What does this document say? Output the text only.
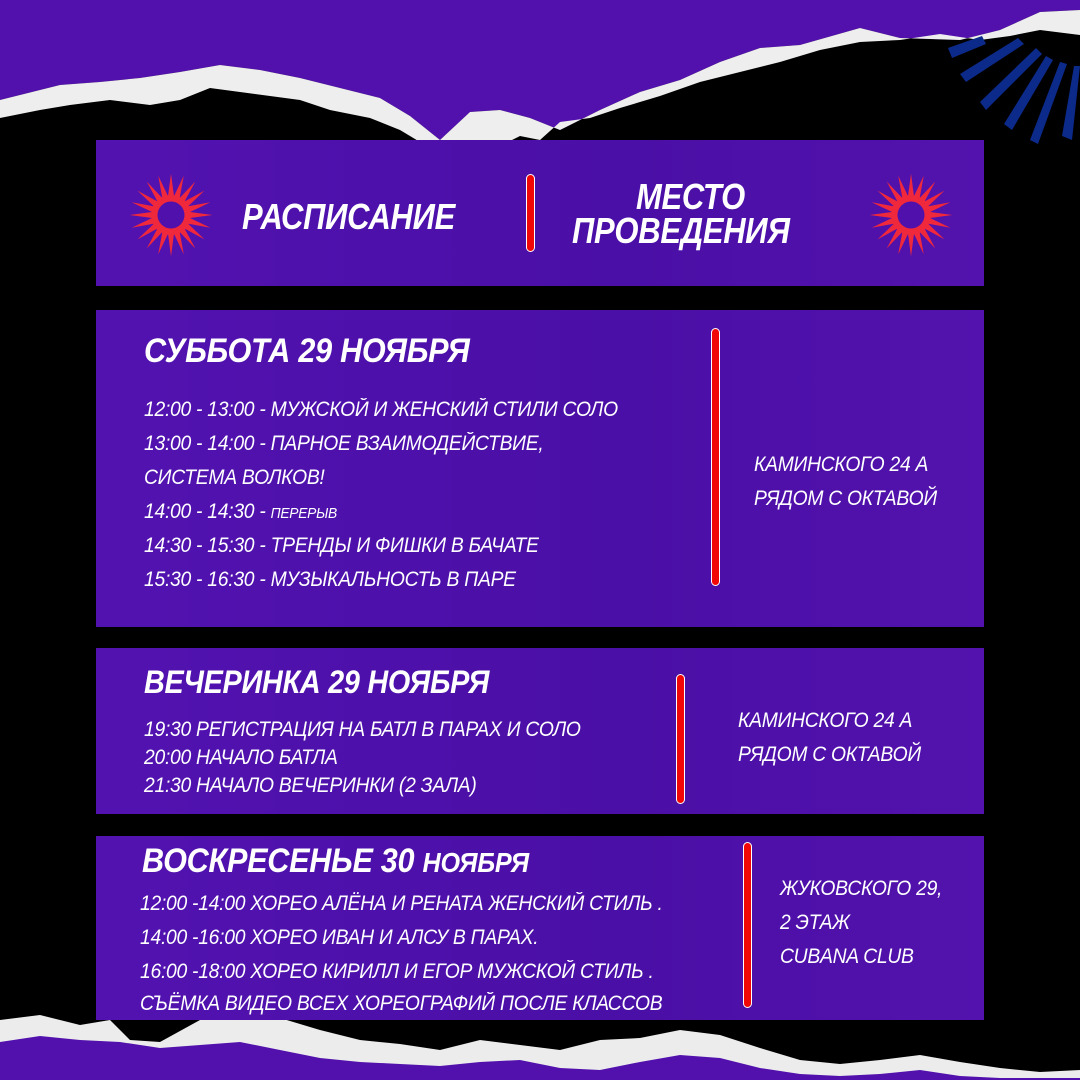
РАСПИСАНИЕ	МЕСТО
ПРОВЕДЕНИЯ
СУББОТА 29 НОЯБРЯ
12:00 - 13:00 - МУЖСКОЙ И ЖЕНСКИЙ СТИЛИ СОЛО
13:00 - 14:00 - ПАРНОЕ ВЗАИМОДЕЙСТВИЕ,
СИСТЕМА ВОЛКОВ!
14:00 - 14:30 - ПЕРЕРЫВ
14:30 - 15:30 - ТРЕНДЫ И ФИШКИ В БАЧАТЕ
15:30 - 16:30 - МУЗЫКАЛЬНОСТЬ В ПАРЕ
КАМИНСКОГО 24 А
РЯДОМ С ОКТАВОЙ
ВЕЧЕРИНКА 29 НОЯБРЯ
19:30 РЕГИСТРАЦИЯ НА БАТЛ В ПАРАХ И СОЛО
20:00 НАЧАЛО БАТЛА
21:30 НАЧАЛО ВЕЧЕРИНКИ (2 ЗАЛА)
КАМИНСКОГО 24 А
РЯДОМ С ОКТАВОЙ
ВОСКРЕСЕНЬЕ 30 НОЯБРЯ
12:00 -14:00 ХОРЕО АЛЁНА И РЕНАТА ЖЕНСКИЙ СТИЛЬ .
14:00 -16:00 ХОРЕО ИВАН И АЛСУ В ПАРАХ.
16:00 -18:00 ХОРЕО КИРИЛЛ И ЕГОР МУЖСКОЙ СТИЛЬ .
СЪЁМКА ВИДЕО ВСЕХ ХОРЕОГРАФИЙ ПОСЛЕ КЛАССОВ
ЖУКОВСКОГО 29,
2 ЭТАЖ
CUBANA CLUB
